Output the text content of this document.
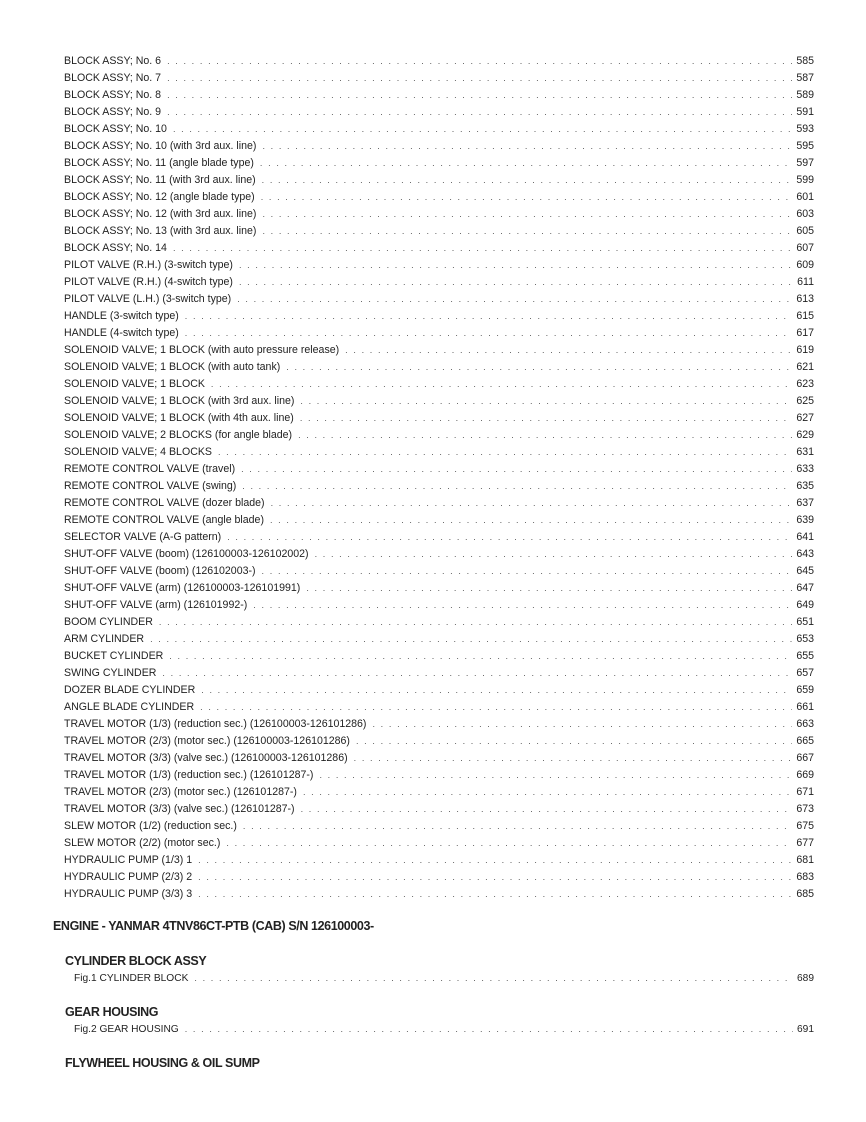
BLOCK ASSY; No. 6 . . .	585
BLOCK ASSY; No. 7 . . .	587
BLOCK ASSY; No. 8 . . .	589
BLOCK ASSY; No. 9 . . .	591
BLOCK ASSY; No. 10 . . .	593
BLOCK ASSY; No. 10 (with 3rd aux. line) . . .	595
BLOCK ASSY; No. 11 (angle blade type) . . .	597
BLOCK ASSY; No. 11 (with 3rd aux. line) . . .	599
BLOCK ASSY; No. 12 (angle blade type) . . .	601
BLOCK ASSY; No. 12 (with 3rd aux. line) . . .	603
BLOCK ASSY; No. 13 (with 3rd aux. line) . . .	605
BLOCK ASSY; No. 14 . . .	607
PILOT VALVE (R.H.) (3-switch type) . . .	609
PILOT VALVE (R.H.) (4-switch type) . . .	611
PILOT VALVE (L.H.) (3-switch type) . . .	613
HANDLE (3-switch type) . . .	615
HANDLE (4-switch type) . . .	617
SOLENOID VALVE; 1 BLOCK (with auto pressure release) . . .	619
SOLENOID VALVE; 1 BLOCK (with auto tank) . . .	621
SOLENOID VALVE; 1 BLOCK . . .	623
SOLENOID VALVE; 1 BLOCK (with 3rd aux. line) . . .	625
SOLENOID VALVE; 1 BLOCK (with 4th aux. line) . . .	627
SOLENOID VALVE; 2 BLOCKS (for angle blade) . . .	629
SOLENOID VALVE; 4 BLOCKS . . .	631
REMOTE CONTROL VALVE (travel) . . .	633
REMOTE CONTROL VALVE (swing) . . .	635
REMOTE CONTROL VALVE (dozer blade) . . .	637
REMOTE CONTROL VALVE (angle blade) . . .	639
SELECTOR VALVE (A-G pattern) . . .	641
SHUT-OFF VALVE (boom) (126100003-126102002) . . .	643
SHUT-OFF VALVE (boom) (126102003-) . . .	645
SHUT-OFF VALVE (arm) (126100003-126101991) . . .	647
SHUT-OFF VALVE (arm) (126101992-) . . .	649
BOOM CYLINDER . . .	651
ARM CYLINDER . . .	653
BUCKET CYLINDER . . .	655
SWING CYLINDER . . .	657
DOZER BLADE CYLINDER . . .	659
ANGLE BLADE CYLINDER . . .	661
TRAVEL MOTOR (1/3) (reduction sec.) (126100003-126101286) . . .	663
TRAVEL MOTOR (2/3) (motor sec.) (126100003-126101286) . . .	665
TRAVEL MOTOR (3/3) (valve sec.) (126100003-126101286) . . .	667
TRAVEL MOTOR (1/3) (reduction sec.) (126101287-) . . .	669
TRAVEL MOTOR (2/3) (motor sec.) (126101287-) . . .	671
TRAVEL MOTOR (3/3) (valve sec.) (126101287-) . . .	673
SLEW MOTOR (1/2) (reduction sec.) . . .	675
SLEW MOTOR (2/2) (motor sec.) . . .	677
HYDRAULIC PUMP (1/3) 1 . . .	681
HYDRAULIC PUMP (2/3) 2 . . .	683
HYDRAULIC PUMP (3/3) 3 . . .	685
ENGINE - YANMAR 4TNV86CT-PTB (CAB) S/N 126100003-
CYLINDER BLOCK ASSY
Fig.1 CYLINDER BLOCK . . .	689
GEAR HOUSING
Fig.2 GEAR HOUSING . . .	691
FLYWHEEL HOUSING & OIL SUMP
